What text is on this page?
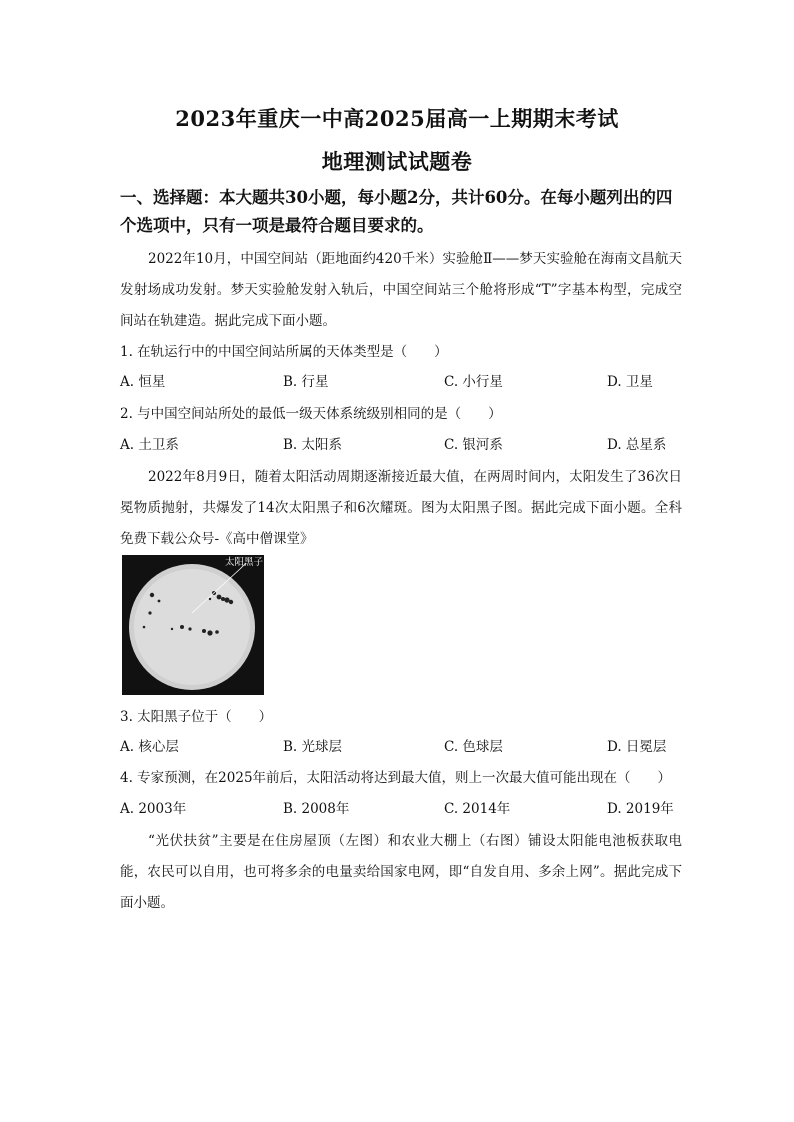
2023年重庆一中高2025届高一上期期末考试
地理测试试题卷
一、选择题：本大题共30小题，每小题2分，共计60分。在每小题列出的四个选项中，只有一项是最符合题目要求的。
2022年10月，中国空间站（距地面约420千米）实验舱Ⅱ——梦天实验舱在海南文昌航天发射场成功发射。梦天实验舱发射入轨后，中国空间站三个舱将形成“T”字基本构型，完成空间站在轨建造。据此完成下面小题。
1. 在轨运行中的中国空间站所属的天体类型是（　　）
A. 恒星	B. 行星	C. 小行星	D. 卫星
2. 与中国空间站所处的最低一级天体系统级别相同的是（　　）
A. 土卫系	B. 太阳系	C. 银河系	D. 总星系
2022年8月9日，随着太阳活动周期逐渐接近最大值，在两周时间内，太阳发生了36次日冕物质抛射，共爆发了14次太阳黑子和6次耀斑。图为太阳黑子图。据此完成下面小题。全科免费下载公众号-《高中僧课堂》
太阳黑子
3. 太阳黑子位于（　　）
A. 核心层	B. 光球层	C. 色球层	D. 日冕层
4. 专家预测，在2025年前后，太阳活动将达到最大值，则上一次最大值可能出现在（　　）
A. 2003年	B. 2008年	C. 2014年	D. 2019年
“光伏扶贫”主要是在住房屋顶（左图）和农业大棚上（右图）铺设太阳能电池板获取电能，农民可以自用，也可将多余的电量卖给国家电网，即“自发自用、多余上网”。据此完成下面小题。
